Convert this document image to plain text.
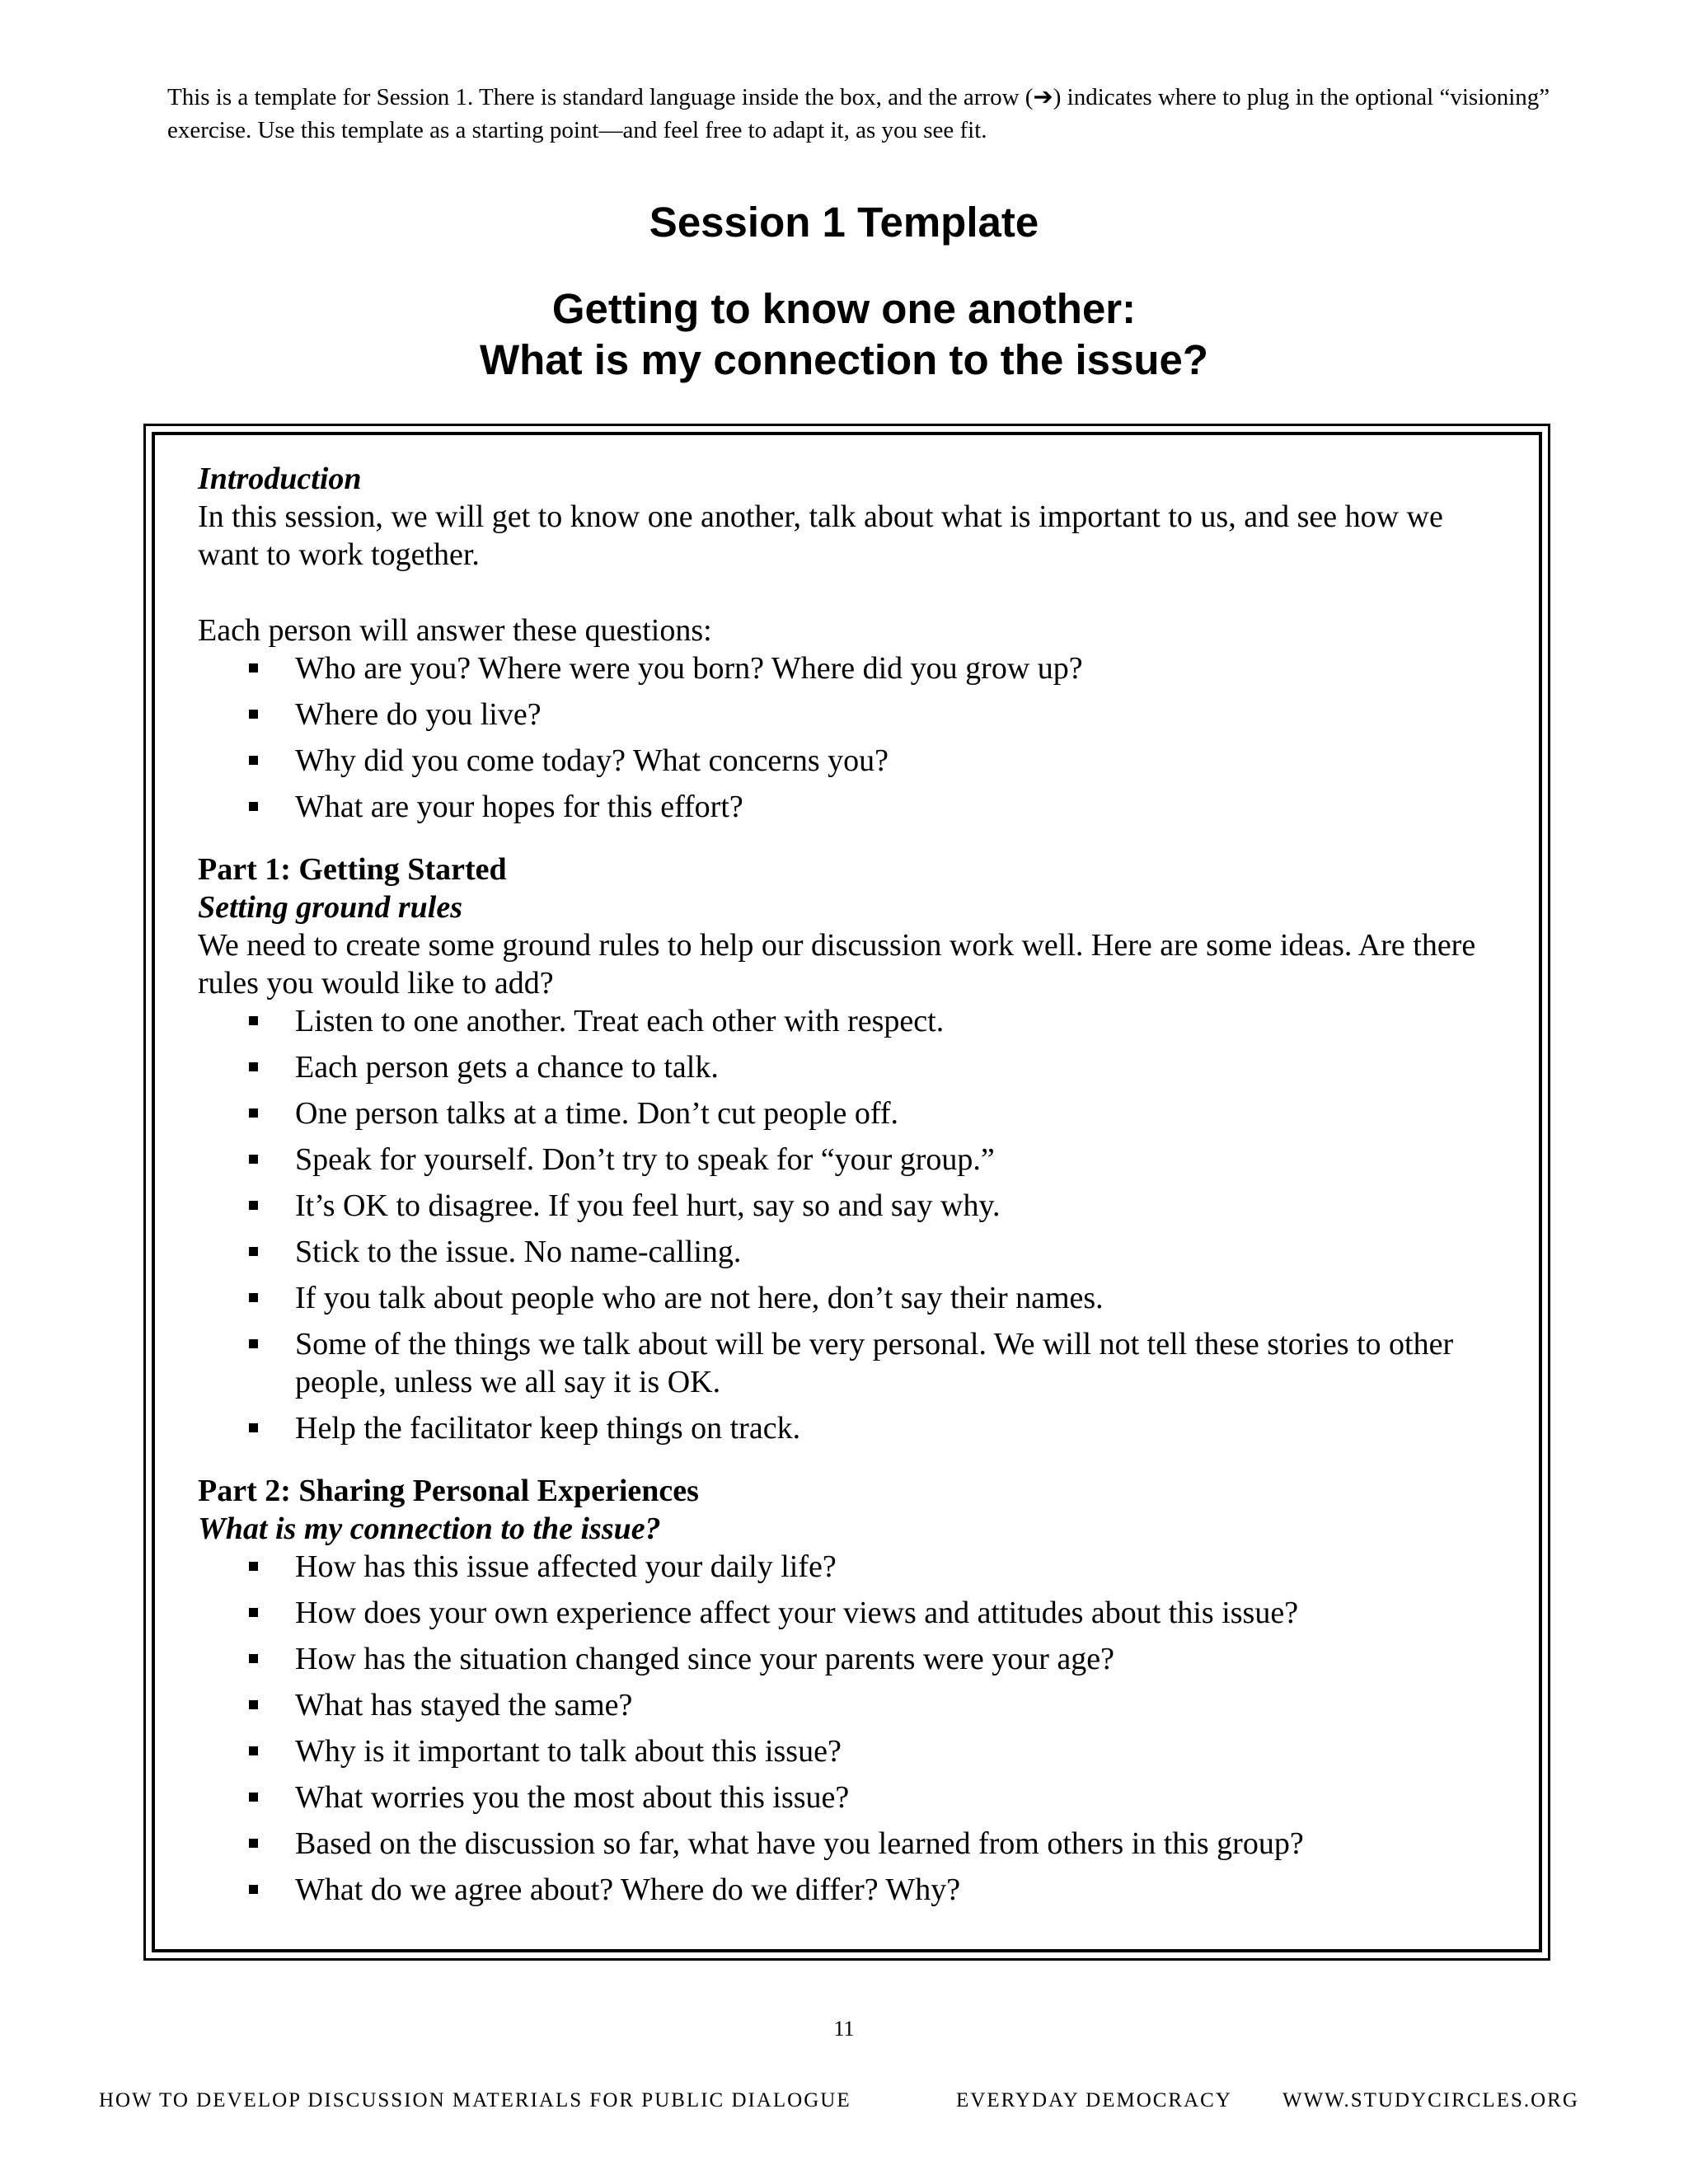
This is a template for Session 1. There is standard language inside the box, and the arrow (➔) indicates where to plug in the optional “visioning” exercise. Use this template as a starting point—and feel free to adapt it, as you see fit.
Session 1 Template
Getting to know one another:
What is my connection to the issue?

Introduction

In this session, we will get to know one another, talk about what is important to us, and see how we want to work together.

Each person will answer these questions:

Who are you? Where were you born? Where did you grow up?
Where do you live?
Why did you come today? What concerns you?
What are your hopes for this effort?

Part 1: Getting Started

Setting ground rules

We need to create some ground rules to help our discussion work well. Here are some ideas. Are there rules you would like to add?

Listen to one another. Treat each other with respect.
Each person gets a chance to talk.
One person talks at a time. Don’t cut people off.
Speak for yourself. Don’t try to speak for “your group.”
It’s OK to disagree. If you feel hurt, say so and say why.
Stick to the issue. No name-calling.
If you talk about people who are not here, don’t say their names.
Some of the things we talk about will be very personal. We will not tell these stories to other people, unless we all say it is OK.
Help the facilitator keep things on track.

Part 2: Sharing Personal Experiences

What is my connection to the issue?

How has this issue affected your daily life?
How does your own experience affect your views and attitudes about this issue?
How has the situation changed since your parents were your age?
What has stayed the same?
Why is it important to talk about this issue?
What worries you the most about this issue?
Based on the discussion so far, what have you learned from others in this group?
What do we agree about? Where do we differ? Why?
11
HOW TO DEVELOP DISCUSSION MATERIALS FOR PUBLIC DIALOGUE	EVERYDAY DEMOCRACY WWW.STUDYCIRCLES.ORG
